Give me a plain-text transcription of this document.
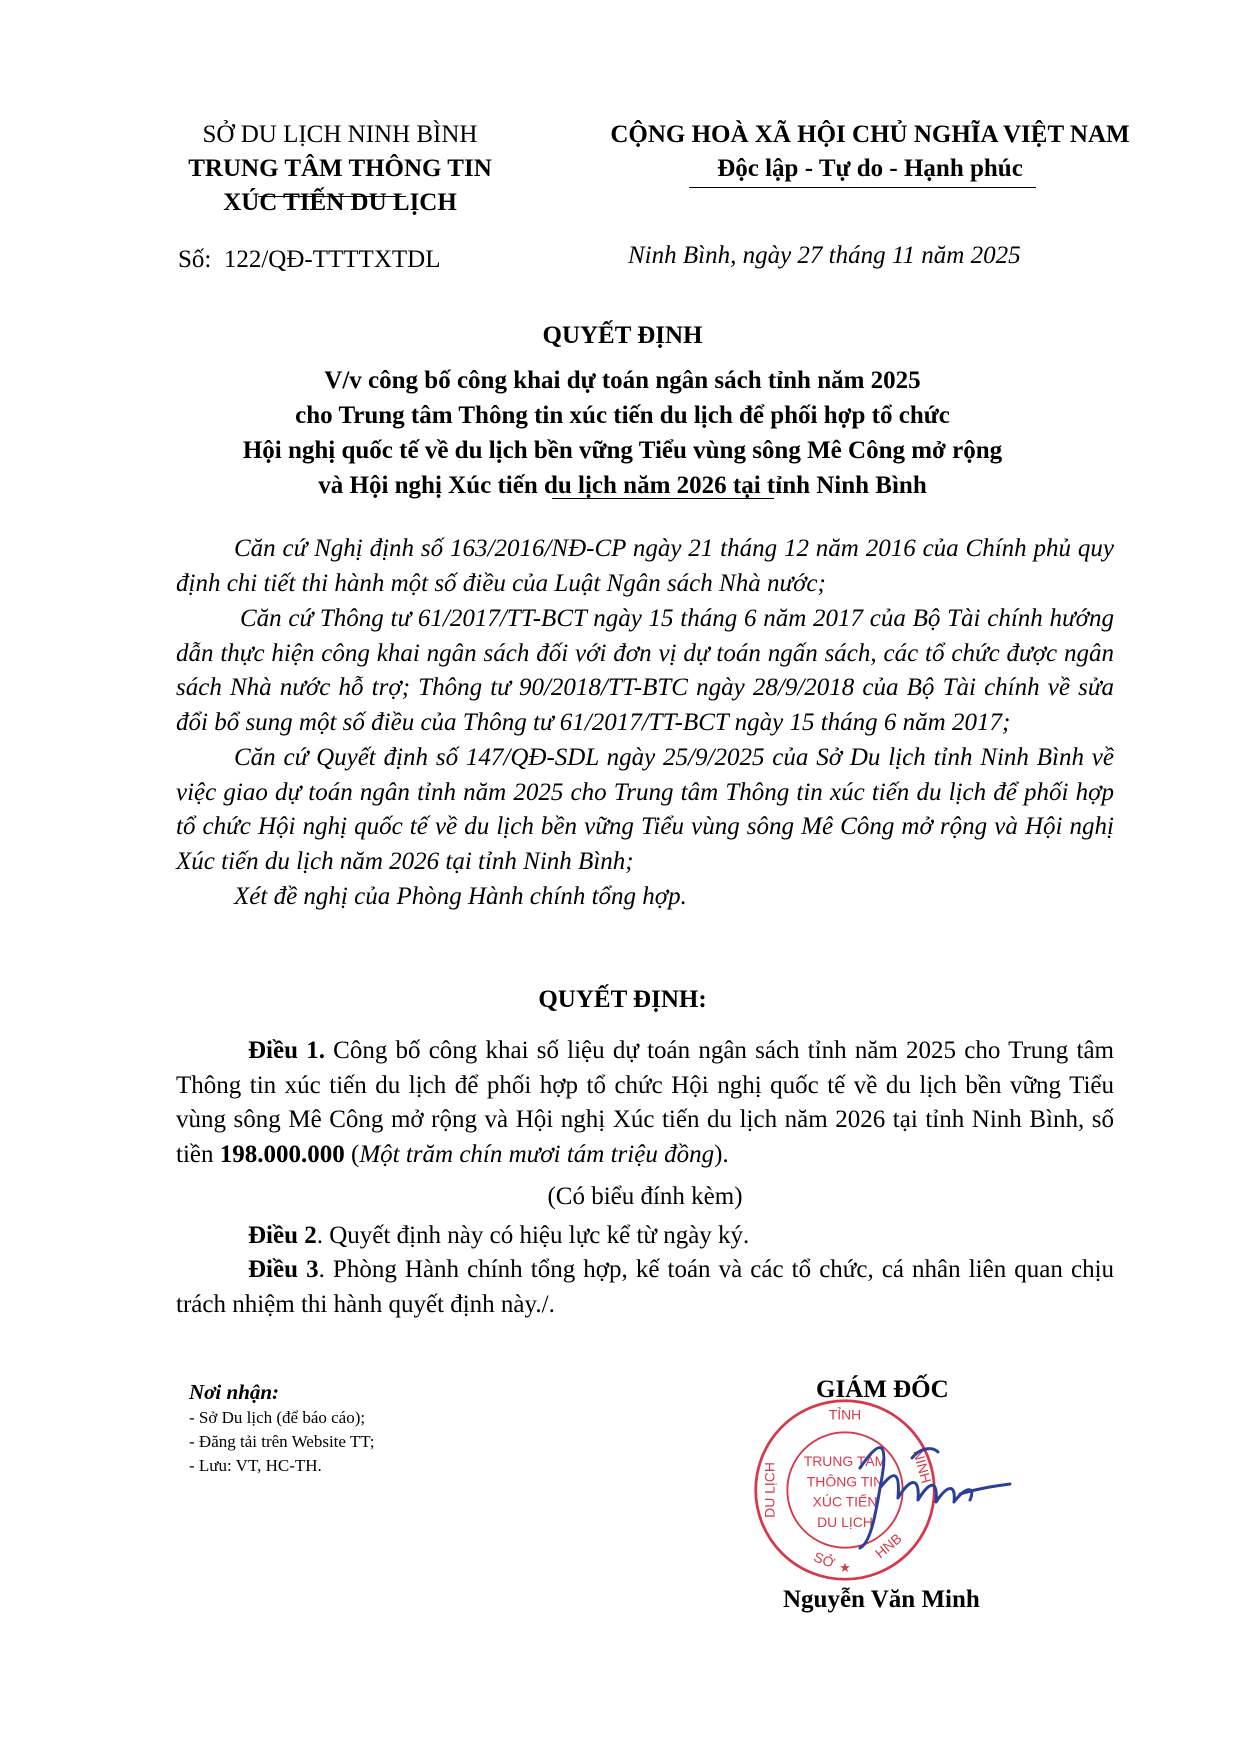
SỞ DU LỊCH NINH BÌNH
TRUNG TÂM THÔNG TIN
XÚC TIẾN DU LỊCH
CỘNG HOÀ XÃ HỘI CHỦ NGHĨA VIỆT NAM
Độc lập - Tự do - Hạnh phúc
Số: 122/QĐ-TTTTXTDL	Ninh Bình, ngày 27 tháng 11 năm 2025
QUYẾT ĐỊNH
V/v công bố công khai dự toán ngân sách tỉnh năm 2025
cho Trung tâm Thông tin xúc tiến du lịch để phối hợp tổ chức
Hội nghị quốc tế về du lịch bền vững Tiểu vùng sông Mê Công mở rộng
và Hội nghị Xúc tiến du lịch năm 2026 tại tỉnh Ninh Bình

Căn cứ Nghị định số 163/2016/NĐ-CP ngày 21 tháng 12 năm 2016 của Chính phủ quy định chi tiết thi hành một số điều của Luật Ngân sách Nhà nước;

Căn cứ Thông tư 61/2017/TT-BCT ngày 15 tháng 6 năm 2017 của Bộ Tài chính hướng dẫn thực hiện công khai ngân sách đối với đơn vị dự toán ngấn sách, các tổ chức được ngân sách Nhà nước hỗ trợ; Thông tư 90/2018/TT-BTC ngày 28/9/2018 của Bộ Tài chính về sửa đổi bổ sung một số điều của Thông tư 61/2017/TT-BCT ngày 15 tháng 6 năm 2017;

Căn cứ Quyết định số 147/QĐ-SDL ngày 25/9/2025 của Sở Du lịch tỉnh Ninh Bình về việc giao dự toán ngân tỉnh năm 2025 cho Trung tâm Thông tin xúc tiến du lịch để phối hợp tổ chức Hội nghị quốc tế về du lịch bền vững Tiểu vùng sông Mê Công mở rộng và Hội nghị Xúc tiến du lịch năm 2026 tại tỉnh Ninh Bình;

Xét đề nghị của Phòng Hành chính tổng hợp.

QUYẾT ĐỊNH:

Điều 1. Công bố công khai số liệu dự toán ngân sách tỉnh năm 2025 cho Trung tâm Thông tin xúc tiến du lịch để phối hợp tổ chức Hội nghị quốc tế về du lịch bền vững Tiểu vùng sông Mê Công mở rộng và Hội nghị Xúc tiến du lịch năm 2026 tại tỉnh Ninh Bình, số tiền 198.000.000 (Một trăm chín mươi tám triệu đồng).

(Có biểu đính kèm)

Điều 2. Quyết định này có hiệu lực kể từ ngày ký.

Điều 3. Phòng Hành chính tổng hợp, kế toán và các tổ chức, cá nhân liên quan chịu trách nhiệm thi hành quyết định này./.

Nơi nhận:
- Sở Du lịch (để báo cáo);
- Đăng tải trên Website TT;
- Lưu: VT, HC-TH.
GIÁM ĐỐC
TỈNH
DU LỊCH	NINH
SỞ HNB
★
TRUNG TÂM
THÔNG TIN
XÚC TIẾN
DU LỊCH
Nguyễn Văn Minh
